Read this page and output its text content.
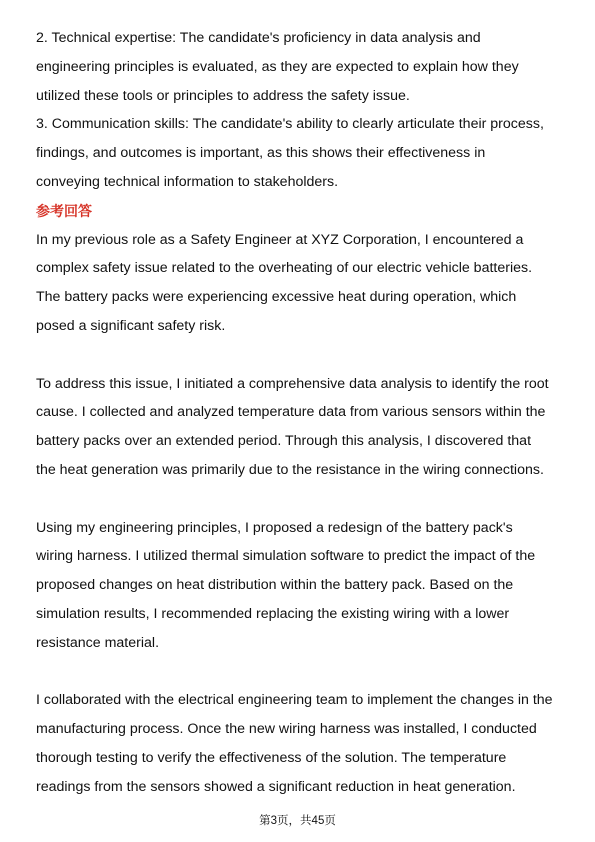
2. Technical expertise: The candidate's proficiency in data analysis and
engineering principles is evaluated, as they are expected to explain how they
utilized these tools or principles to address the safety issue.
3. Communication skills: The candidate's ability to clearly articulate their process,
findings, and outcomes is important, as this shows their effectiveness in
conveying technical information to stakeholders.
参考回答
In my previous role as a Safety Engineer at XYZ Corporation, I encountered a
complex safety issue related to the overheating of our electric vehicle batteries.
The battery packs were experiencing excessive heat during operation, which
posed a significant safety risk.
To address this issue, I initiated a comprehensive data analysis to identify the root
cause. I collected and analyzed temperature data from various sensors within the
battery packs over an extended period. Through this analysis, I discovered that
the heat generation was primarily due to the resistance in the wiring connections.
Using my engineering principles, I proposed a redesign of the battery pack's
wiring harness. I utilized thermal simulation software to predict the impact of the
proposed changes on heat distribution within the battery pack. Based on the
simulation results, I recommended replacing the existing wiring with a lower
resistance material.
I collaborated with the electrical engineering team to implement the changes in the
manufacturing process. Once the new wiring harness was installed, I conducted
thorough testing to verify the effectiveness of the solution. The temperature
readings from the sensors showed a significant reduction in heat generation.
第3页，共45页
